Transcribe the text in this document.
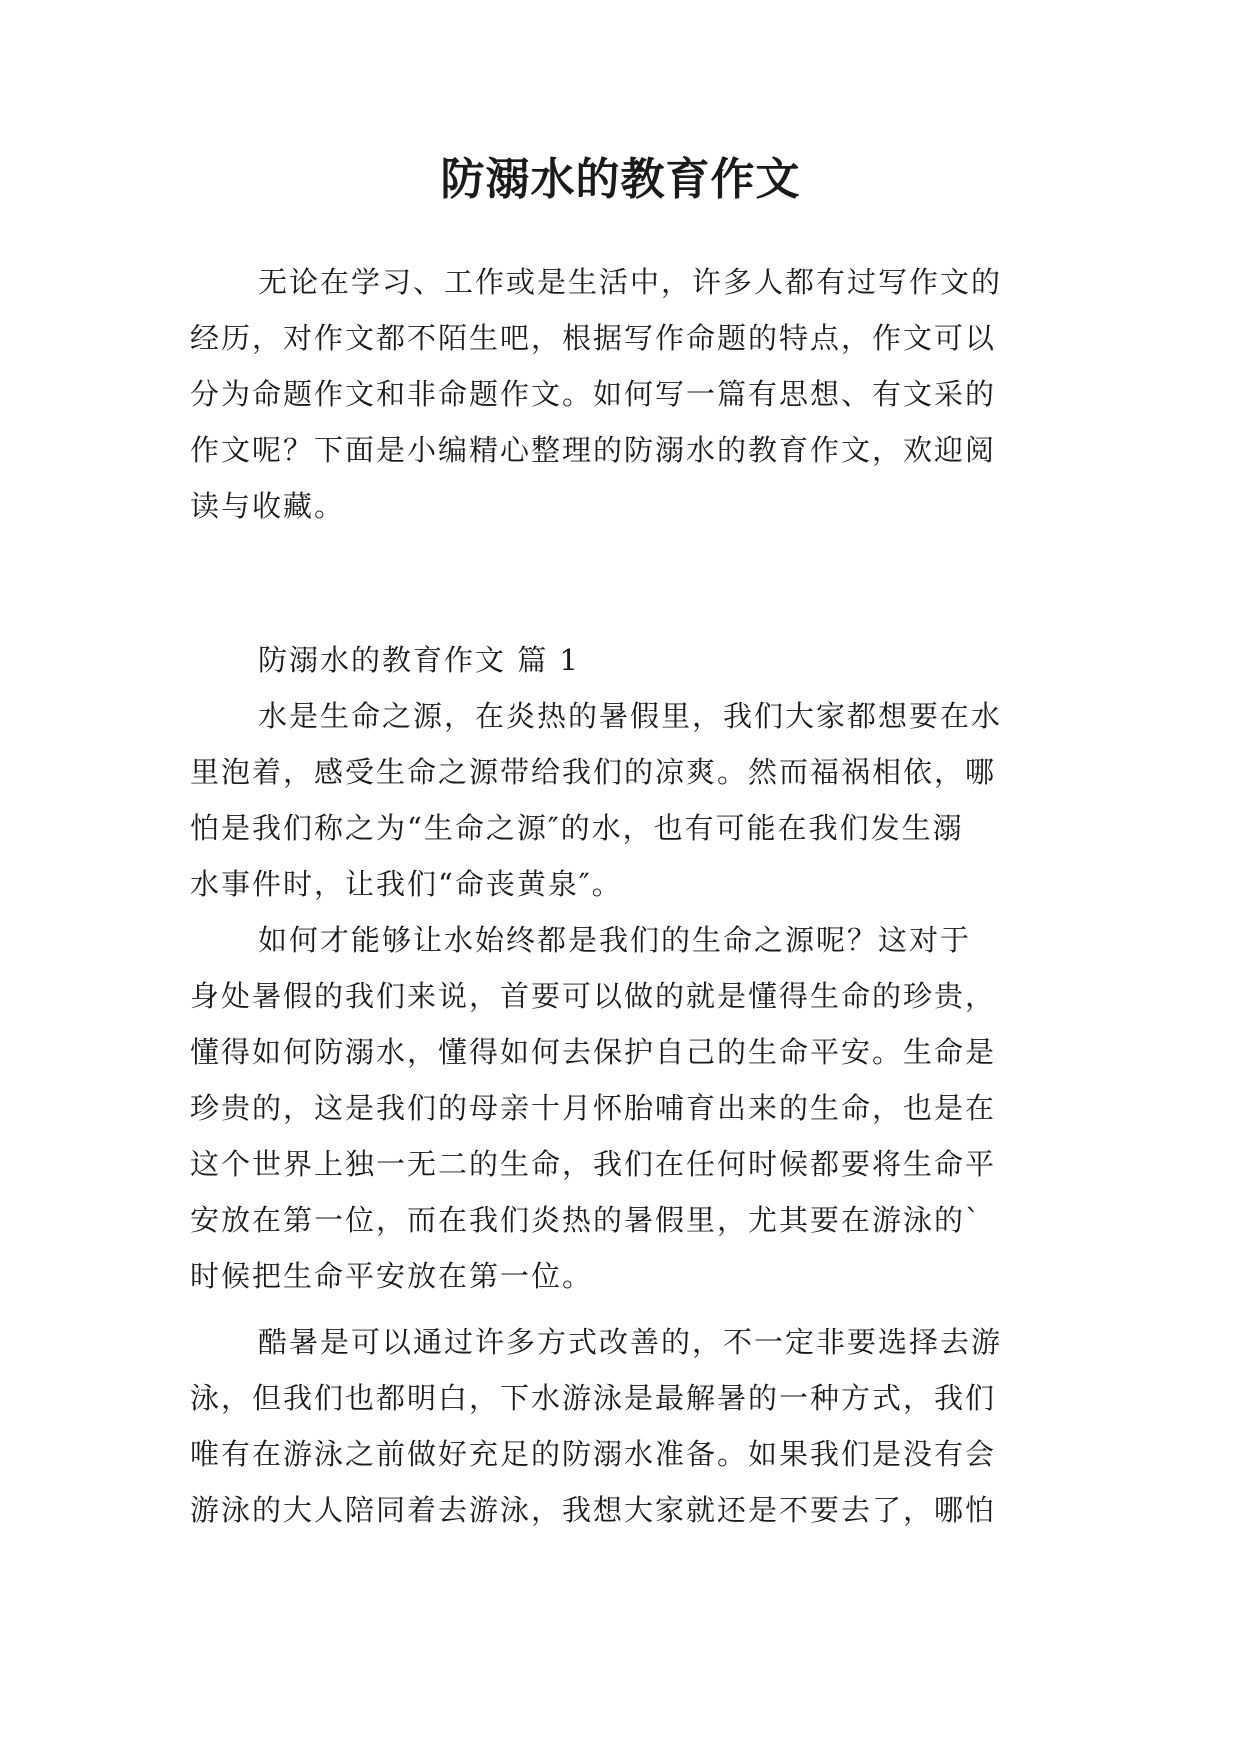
防溺水的教育作文

无论在学习、工作或是生活中，许多人都有过写作文的
经历，对作文都不陌生吧，根据写作命题的特点，作文可以
分为命题作文和非命题作文。如何写一篇有思想、有文采的
作文呢？下面是小编精心整理的防溺水的教育作文，欢迎阅
读与收藏。

防溺水的教育作文 篇 1

水是生命之源，在炎热的暑假里，我们大家都想要在水
里泡着，感受生命之源带给我们的凉爽。然而福祸相依，哪
怕是我们称之为“生命之源″的水，也有可能在我们发生溺
水事件时，让我们“命丧黄泉″。

如何才能够让水始终都是我们的生命之源呢？这对于
身处暑假的我们来说，首要可以做的就是懂得生命的珍贵，
懂得如何防溺水，懂得如何去保护自己的生命平安。生命是
珍贵的，这是我们的母亲十月怀胎哺育出来的生命，也是在
这个世界上独一无二的生命，我们在任何时候都要将生命平
安放在第一位，而在我们炎热的暑假里，尤其要在游泳的`
时候把生命平安放在第一位。

酷暑是可以通过许多方式改善的，不一定非要选择去游
泳，但我们也都明白，下水游泳是最解暑的一种方式，我们
唯有在游泳之前做好充足的防溺水准备。如果我们是没有会
游泳的大人陪同着去游泳，我想大家就还是不要去了，哪怕
